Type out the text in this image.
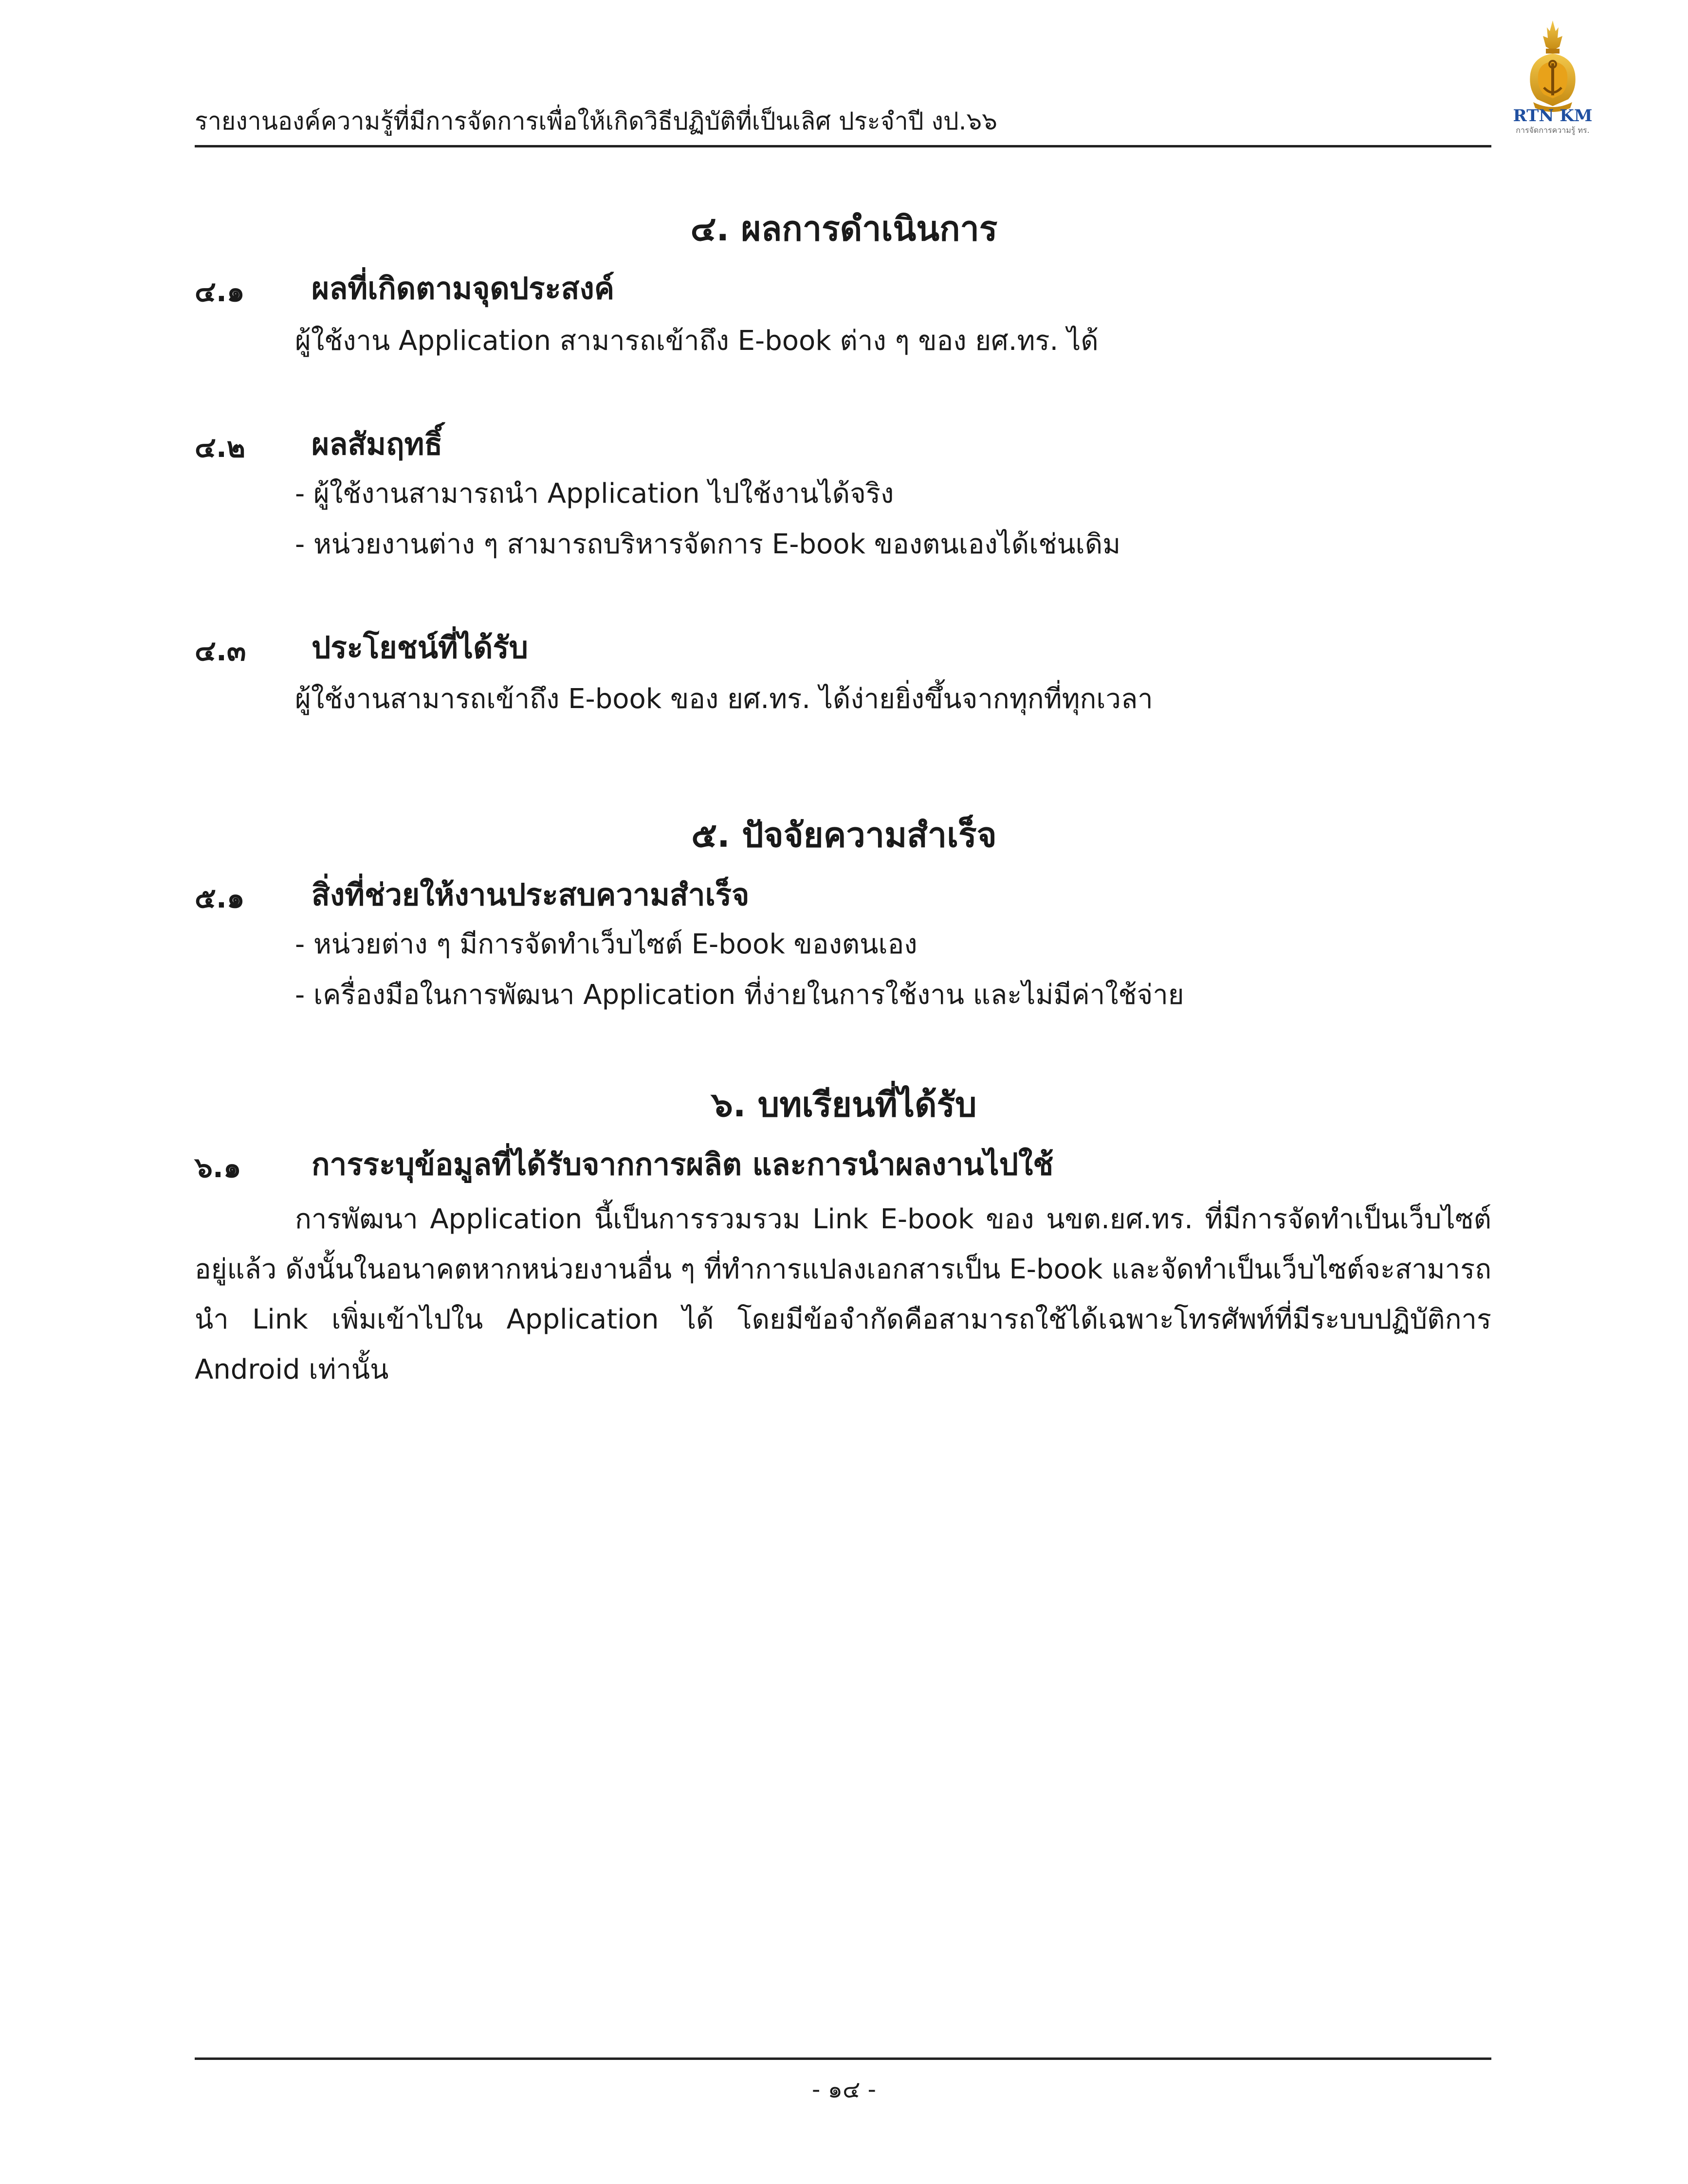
รายงานองค์ความรู้ที่มีการจัดการเพื่อให้เกิดวิธีปฏิบัติที่เป็นเลิศ ประจำปี งป.๖๖	RTN KM
การจัดการความรู้ ทร.
๔. ผลการดำเนินการ
๔.๑ ผลที่เกิดตามจุดประสงค์
ผู้ใช้งาน Application สามารถเข้าถึง E-book ต่าง ๆ ของ ยศ.ทร. ได้
๔.๒ ผลสัมฤทธิ์
- ผู้ใช้งานสามารถนำ Application ไปใช้งานได้จริง
- หน่วยงานต่าง ๆ สามารถบริหารจัดการ E-book ของตนเองได้เช่นเดิม
๔.๓ ประโยชน์ที่ได้รับ
ผู้ใช้งานสามารถเข้าถึง E-book ของ ยศ.ทร. ได้ง่ายยิ่งขึ้นจากทุกที่ทุกเวลา
๕. ปัจจัยความสำเร็จ
๕.๑ สิ่งที่ช่วยให้งานประสบความสำเร็จ
- หน่วยต่าง ๆ มีการจัดทำเว็บไซต์ E-book ของตนเอง
- เครื่องมือในการพัฒนา Application ที่ง่ายในการใช้งาน และไม่มีค่าใช้จ่าย
๖. บทเรียนที่ได้รับ
๖.๑ การระบุข้อมูลที่ได้รับจากการผลิต และการนำผลงานไปใช้
การพัฒนา Application นี้เป็นการรวมรวม Link E-book ของ นขต.ยศ.ทร. ที่มีการจัดทำเป็นเว็บไซต์อยู่แล้ว ดังนั้นในอนาคตหากหน่วยงานอื่น ๆ ที่ทำการแปลงเอกสารเป็น E-book และจัดทำเป็นเว็บไซต์จะสามารถนำ Link เพิ่มเข้าไปใน Application ได้ โดยมีข้อจำกัดคือสามารถใช้ได้เฉพาะโทรศัพท์ที่มีระบบปฏิบัติการ Android เท่านั้น
- ๑๔ -
